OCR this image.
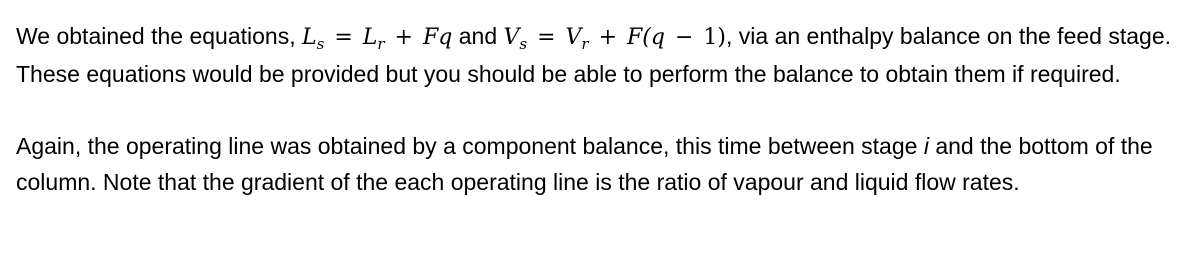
We obtained the equations, $L_s = L_r + Fq$ and $V_s = V_r + F(q - 1)$, via an enthalpy balance on the feed stage. These equations would be provided but you should be able to perform the balance to obtain them if required.

Again, the operating line was obtained by a component balance, this time between stage i and the bottom of the column. Note that the gradient of the each operating line is the ratio of vapour and liquid flow rates.
